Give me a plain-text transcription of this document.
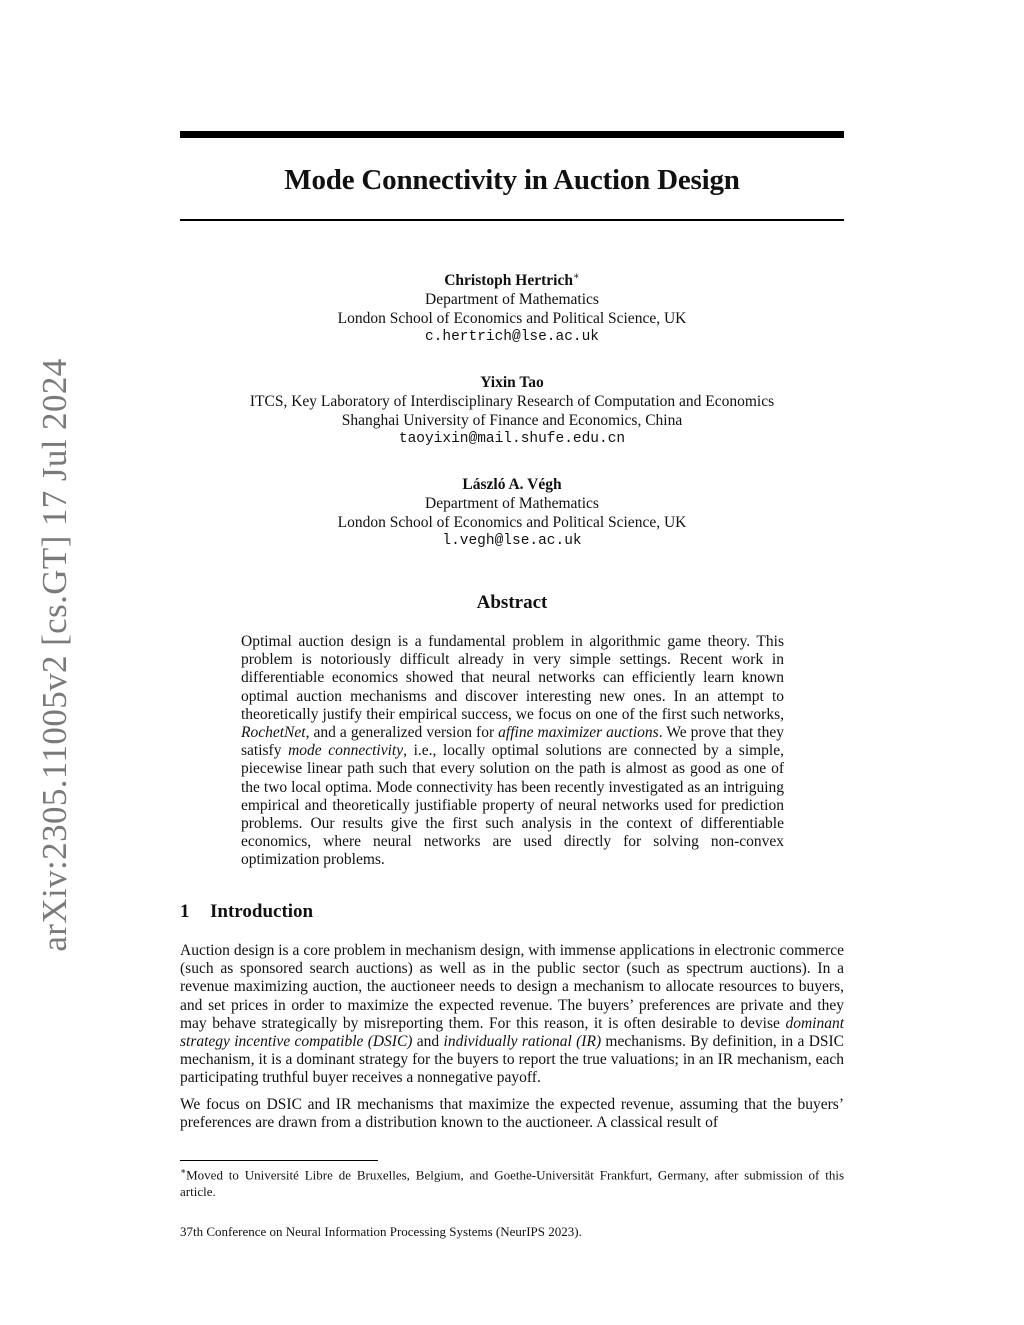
arXiv:2305.11005v2 [cs.GT] 17 Jul 2024
Mode Connectivity in Auction Design
Christoph Hertrich∗
Department of Mathematics
London School of Economics and Political Science, UK
c.hertrich@lse.ac.uk
Yixin Tao
ITCS, Key Laboratory of Interdisciplinary Research of Computation and Economics
Shanghai University of Finance and Economics, China
taoyixin@mail.shufe.edu.cn
László A. Végh
Department of Mathematics
London School of Economics and Political Science, UK
l.vegh@lse.ac.uk
Abstract

Optimal auction design is a fundamental problem in algorithmic game theory. This problem is notoriously difficult already in very simple settings. Recent work in differentiable economics showed that neural networks can efficiently learn known optimal auction mechanisms and discover interesting new ones. In an attempt to theoretically justify their empirical success, we focus on one of the first such networks, RochetNet, and a generalized version for affine maximizer auctions. We prove that they satisfy mode connectivity, i.e., locally optimal solutions are connected by a simple, piecewise linear path such that every solution on the path is almost as good as one of the two local optima. Mode connectivity has been recently investigated as an intriguing empirical and theoretically justifiable property of neural networks used for prediction problems. Our results give the first such analysis in the context of differentiable economics, where neural networks are used directly for solving non-convex optimization problems.

1 Introduction

Auction design is a core problem in mechanism design, with immense applications in electronic commerce (such as sponsored search auctions) as well as in the public sector (such as spectrum auctions). In a revenue maximizing auction, the auctioneer needs to design a mechanism to allocate resources to buyers, and set prices in order to maximize the expected revenue. The buyers’ preferences are private and they may behave strategically by misreporting them. For this reason, it is often desirable to devise dominant strategy incentive compatible (DSIC) and individually rational (IR) mechanisms. By definition, in a DSIC mechanism, it is a dominant strategy for the buyers to report the true valuations; in an IR mechanism, each participating truthful buyer receives a nonnegative payoff.

We focus on DSIC and IR mechanisms that maximize the expected revenue, assuming that the buyers’ preferences are drawn from a distribution known to the auctioneer. A classical result of

∗Moved to Université Libre de Bruxelles, Belgium, and Goethe-Universität Frankfurt, Germany, after submission of this article.

37th Conference on Neural Information Processing Systems (NeurIPS 2023).
